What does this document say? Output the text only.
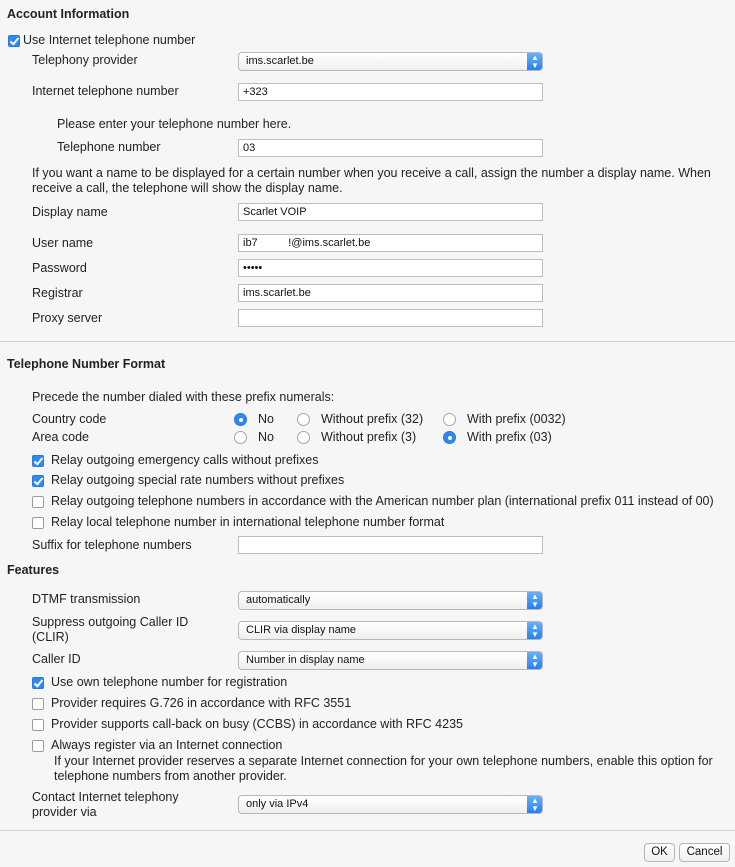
Account Information
Use Internet telephone number
Telephony provider	ims.scarlet.be	▲
▼
Internet telephone number	+323
Please enter your telephone number here.
Telephone number	03
If you want a name to be displayed for a certain number when you receive a call, assign the number a display name. When
receive a call, the telephone will show the display name.
Display name	Scarlet VOIP
User name	ib7          !@ims.scarlet.be
Password	•••••
Registrar	ims.scarlet.be
Proxy server
Telephone Number Format
Precede the number dialed with these prefix numerals:
Country code	No	Without prefix (32)	With prefix (0032)
Area code	No	Without prefix (3)	With prefix (03)
Relay outgoing emergency calls without prefixes
Relay outgoing special rate numbers without prefixes
Relay outgoing telephone numbers in accordance with the American number plan (international prefix 011 instead of 00)
Relay local telephone number in international telephone number format
Suffix for telephone numbers
Features
DTMF transmission	automatically	▲
▼
Suppress outgoing Caller ID
(CLIR)	CLIR via display name	▲
▼
Caller ID	Number in display name	▲
▼
Use own telephone number for registration
Provider requires G.726 in accordance with RFC 3551
Provider supports call-back on busy (CCBS) in accordance with RFC 4235
Always register via an Internet connection
If your Internet provider reserves a separate Internet connection for your own telephone numbers, enable this option for
telephone numbers from another provider.
Contact Internet telephony
provider via
only via IPv4	▲
▼
OK	Cancel
